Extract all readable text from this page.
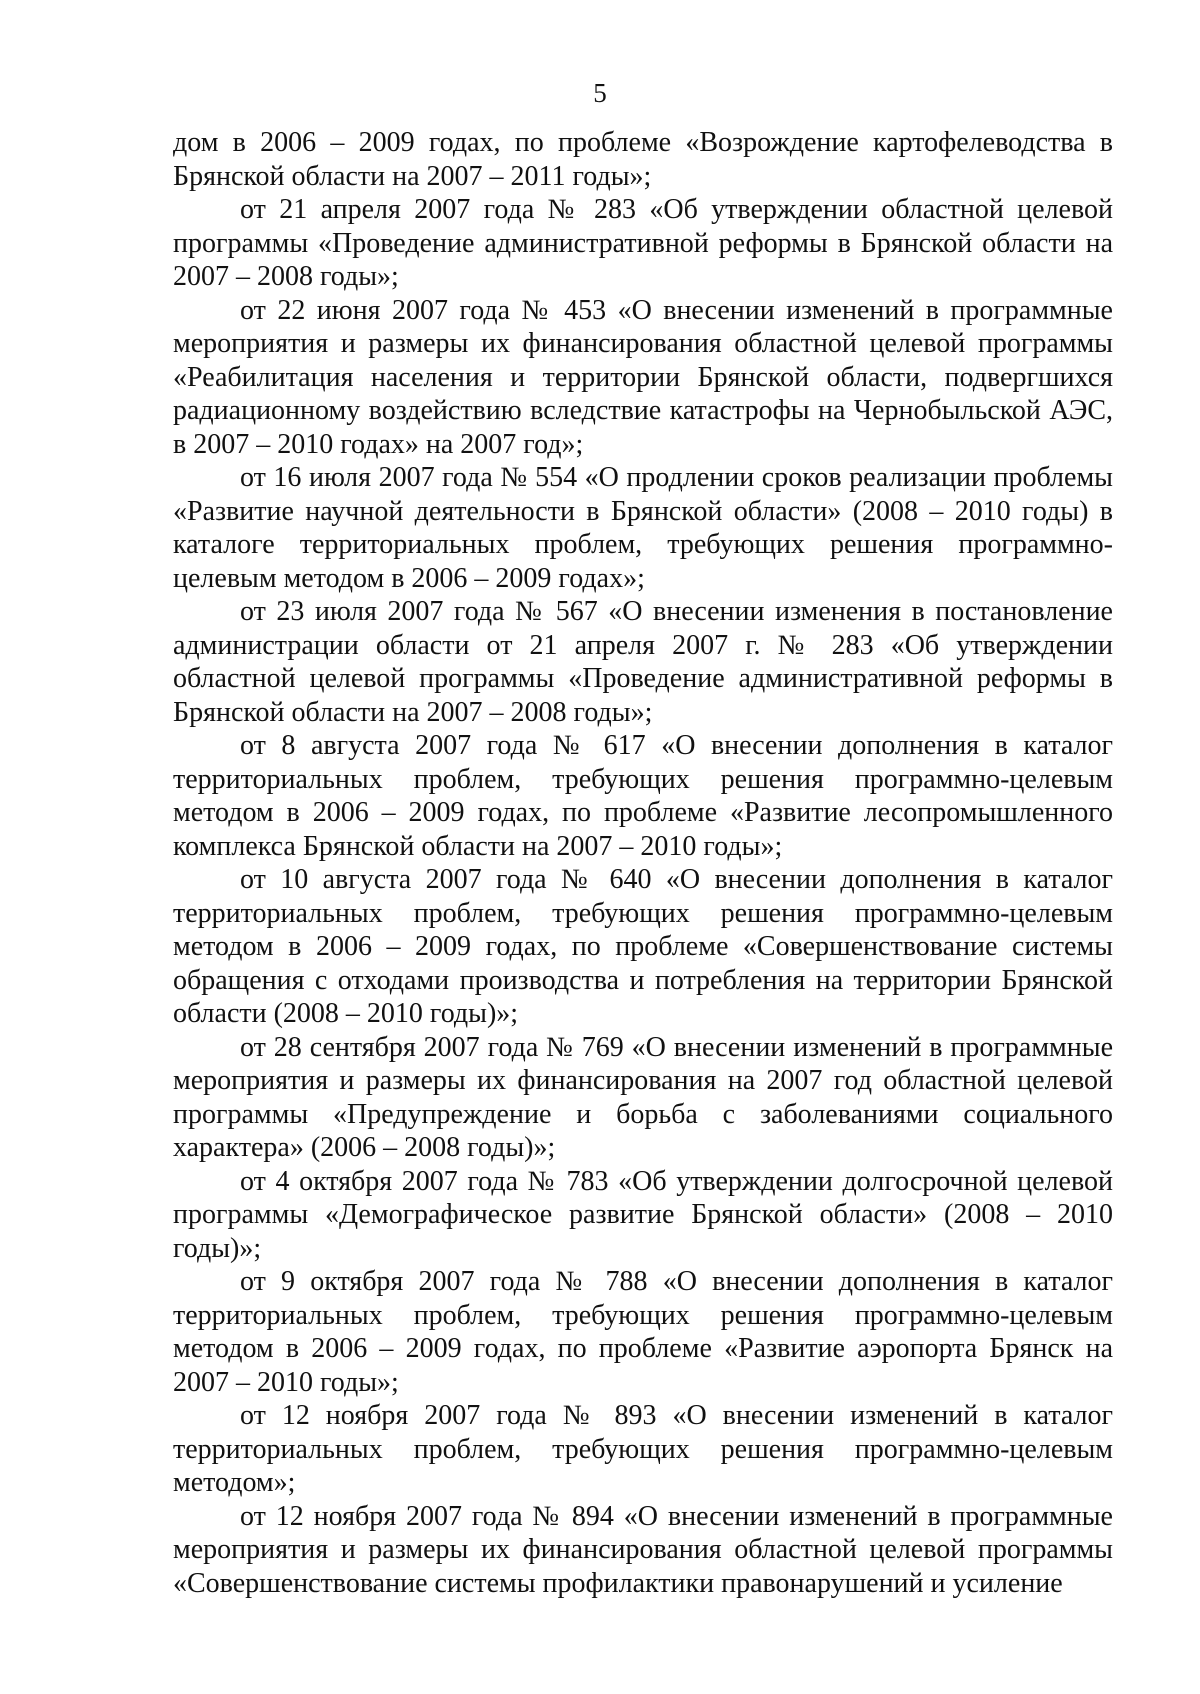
5

дом в 2006 – 2009 годах, по проблеме «Возрождение картофелеводства в Брянской области на 2007 – 2011 годы»;

от 21 апреля 2007 года № 283 «Об утверждении областной целевой программы «Проведение административной реформы в Брянской области на 2007 – 2008 годы»;

от 22 июня 2007 года № 453 «О внесении изменений в программные мероприятия и размеры их финансирования областной целевой программы «Реабилитация населения и территории Брянской области, подвергшихся радиационному воздействию вследствие катастрофы на Чернобыльской АЭС, в 2007 – 2010 годах» на 2007 год»;

от 16 июля 2007 года № 554 «О продлении сроков реализации проблемы «Развитие научной деятельности в Брянской области» (2008 – 2010 годы) в каталоге территориальных проблем, требующих решения программно-целевым методом в 2006 – 2009 годах»;

от 23 июля 2007 года № 567 «О внесении изменения в постановление администрации области от 21 апреля 2007 г. № 283 «Об утверждении областной целевой программы «Проведение административной реформы в Брянской области на 2007 – 2008 годы»;

от 8 августа 2007 года № 617 «О внесении дополнения в каталог территориальных проблем, требующих решения программно-целевым методом в 2006 – 2009 годах, по проблеме «Развитие лесопромышленного комплекса Брянской области на 2007 – 2010 годы»;

от 10 августа 2007 года № 640 «О внесении дополнения в каталог территориальных проблем, требующих решения программно-целевым методом в 2006 – 2009 годах, по проблеме «Совершенствование системы обращения с отходами производства и потребления на территории Брянской области (2008 – 2010 годы)»;

от 28 сентября 2007 года № 769 «О внесении изменений в программные мероприятия и размеры их финансирования на 2007 год областной целевой программы «Предупреждение и борьба с заболеваниями социального характера» (2006 – 2008 годы)»;

от 4 октября 2007 года № 783 «Об утверждении долгосрочной целевой программы «Демографическое развитие Брянской области» (2008 – 2010 годы)»;

от 9 октября 2007 года № 788 «О внесении дополнения в каталог территориальных проблем, требующих решения программно-целевым методом в 2006 – 2009 годах, по проблеме «Развитие аэропорта Брянск на 2007 – 2010 годы»;

от 12 ноября 2007 года № 893 «О внесении изменений в каталог территориальных проблем, требующих решения программно-целевым методом»;

от 12 ноября 2007 года № 894 «О внесении изменений в программные мероприятия и размеры их финансирования областной целевой программы «Совершенствование системы профилактики правонарушений и усиление
